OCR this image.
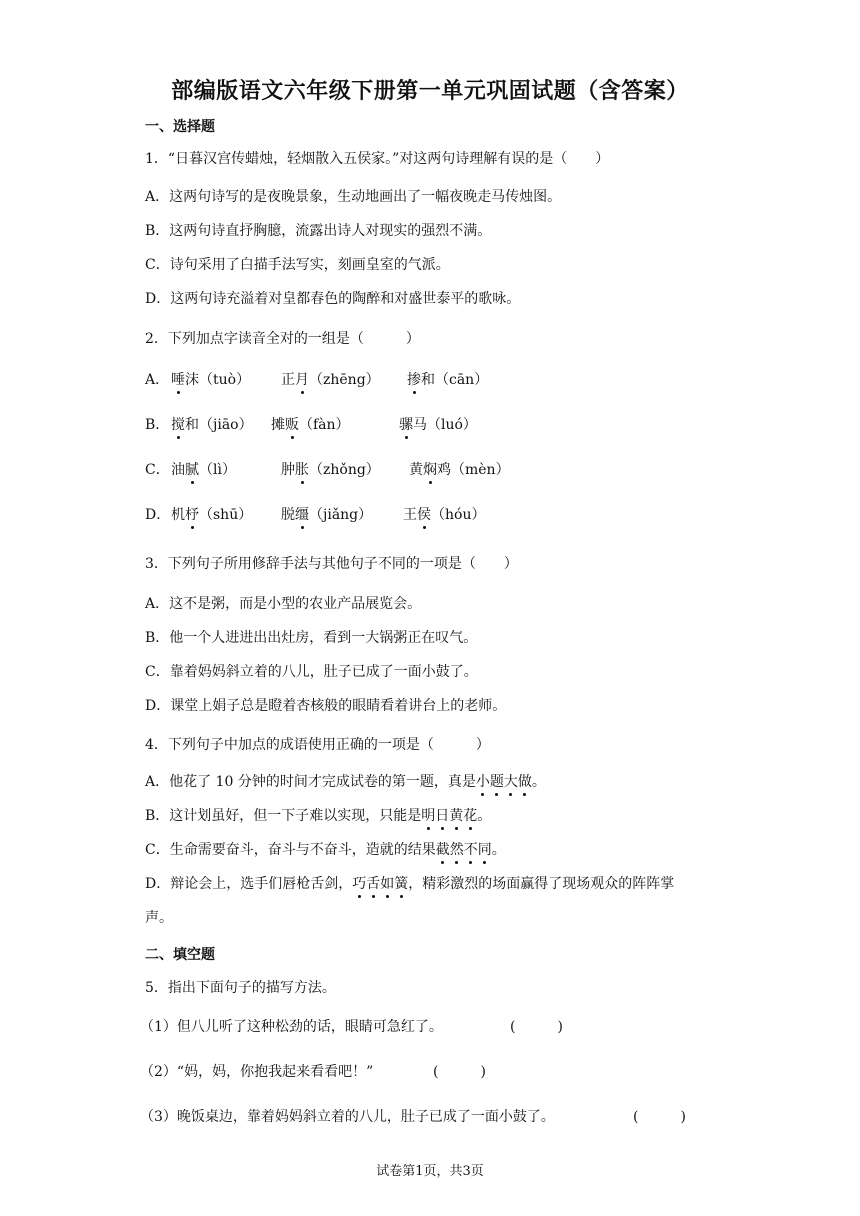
部编版语文六年级下册第一单元巩固试题（含答案）
一、选择题
1．“日暮汉宫传蜡烛，轻烟散入五侯家。”对这两句诗理解有误的是（　　）
A．这两句诗写的是夜晚景象，生动地画出了一幅夜晚走马传烛图。
B．这两句诗直抒胸臆，流露出诗人对现实的强烈不满。
C．诗句采用了白描手法写实，刻画皇室的气派。
D．这两句诗充溢着对皇都春色的陶醉和对盛世泰平的歌咏。
2．下列加点字读音全对的一组是（　　　）
A． 唾沫（tuò） 正月（zhēng） 掺和（cān）
B． 搅和（jiāo） 摊贩（fàn）	骡马（luó）
C． 油腻（lì）	肿胀（zhǒng） 黄焖鸡（mèn）
D． 机杼（shū） 脱缰（jiǎng） 王侯（hóu）
3．下列句子所用修辞手法与其他句子不同的一项是（　　）
A．这不是粥，而是小型的农业产品展览会。
B．他一个人进进出出灶房，看到一大锅粥正在叹气。
C．靠着妈妈斜立着的八儿，肚子已成了一面小鼓了。
D．课堂上娟子总是瞪着杏核般的眼睛看着讲台上的老师。
4．下列句子中加点的成语使用正确的一项是（　　　）
A．他花了 10 分钟的时间才完成试卷的第一题，真是小题大做。
B．这计划虽好，但一下子难以实现，只能是明日黄花。
C．生命需要奋斗，奋斗与不奋斗，造就的结果截然不同。
D．辩论会上，选手们唇枪舌剑，巧舌如簧，精彩激烈的场面赢得了现场观众的阵阵掌
声。
二、填空题
5．指出下面句子的描写方法。
（1）但八儿听了这种松劲的话，眼睛可急红了。	(　　　)
（2）“妈，妈，你抱我起来看看吧！”	(　　　)
（3）晚饭桌边，靠着妈妈斜立着的八儿，肚子已成了一面小鼓了。	(　　　)
试卷第1页，共3页
